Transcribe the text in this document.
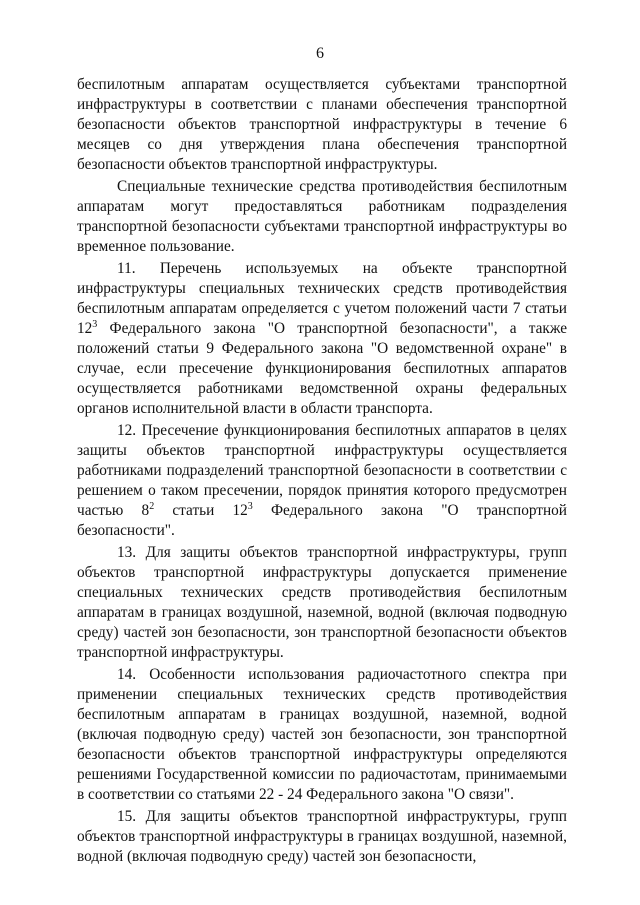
6

беспилотным аппаратам осуществляется субъектами транспортной инфраструктуры в соответствии с планами обеспечения транспортной безопасности объектов транспортной инфраструктуры в течение 6 месяцев со дня утверждения плана обеспечения транспортной безопасности объектов транспортной инфраструктуры.

Специальные технические средства противодействия беспилотным аппаратам могут предоставляться работникам подразделения транспортной безопасности субъектами транспортной инфраструктуры во временное пользование.

11. Перечень используемых на объекте транспортной инфраструктуры специальных технических средств противодействия беспилотным аппаратам определяется с учетом положений части 7 статьи $12^3$ Федерального закона "О транспортной безопасности", а также положений статьи 9 Федерального закона "О ведомственной охране" в случае, если пресечение функционирования беспилотных аппаратов осуществляется работниками ведомственной охраны федеральных органов исполнительной власти в области транспорта.

12. Пресечение функционирования беспилотных аппаратов в целях защиты объектов транспортной инфраструктуры осуществляется работниками подразделений транспортной безопасности в соответствии с решением о таком пресечении, порядок принятия которого предусмотрен частью $8^2$ статьи $12^3$ Федерального закона "О транспортной безопасности".

13. Для защиты объектов транспортной инфраструктуры, групп объектов транспортной инфраструктуры допускается применение специальных технических средств противодействия беспилотным аппаратам в границах воздушной, наземной, водной (включая подводную среду) частей зон безопасности, зон транспортной безопасности объектов транспортной инфраструктуры.

14. Особенности использования радиочастотного спектра при применении специальных технических средств противодействия беспилотным аппаратам в границах воздушной, наземной, водной (включая подводную среду) частей зон безопасности, зон транспортной безопасности объектов транспортной инфраструктуры определяются решениями Государственной комиссии по радиочастотам, принимаемыми в соответствии со статьями 22 - 24 Федерального закона "О связи".

15. Для защиты объектов транспортной инфраструктуры, групп объектов транспортной инфраструктуры в границах воздушной, наземной, водной (включая подводную среду) частей зон безопасности,
